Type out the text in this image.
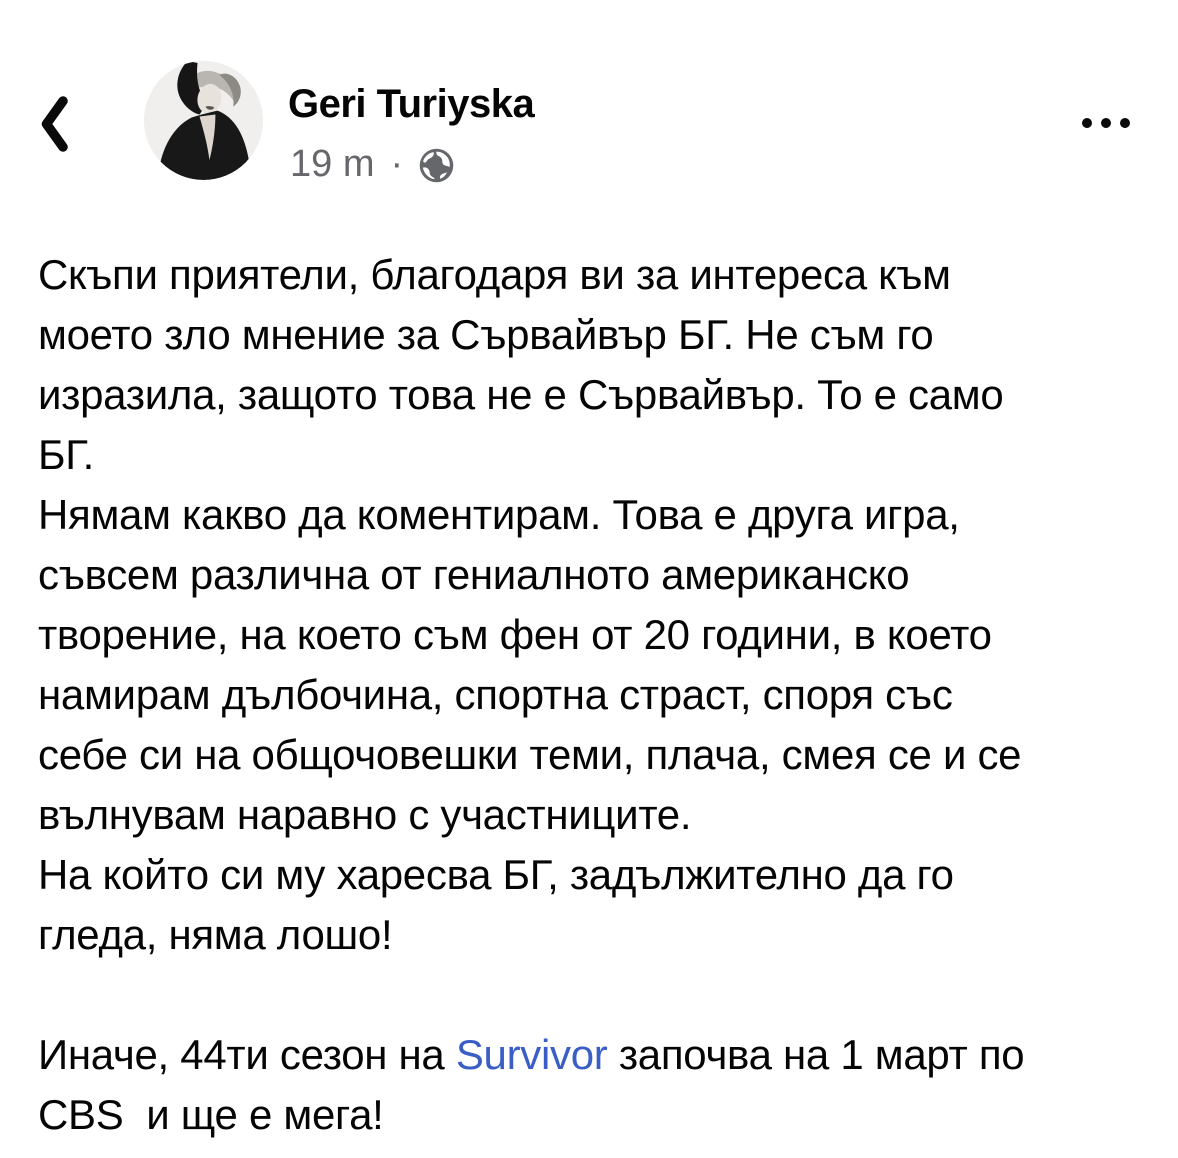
Geri Turiyska
19 m ·
Скъпи приятели, благодаря ви за интереса към
моето зло мнение за Сървайвър БГ. Не съм го
изразила, защото това не е Сървайвър. То е само
БГ.
Нямам какво да коментирам. Това е друга игра,
съвсем различна от гениалното американско
творение, на което съм фен от 20 години, в което
намирам дълбочина, спортна страст, споря със
себе си на общочовешки теми, плача, смея се и се
вълнувам наравно с участниците.
На който си му харесва БГ, задължително да го
гледа, няма лошо!
Иначе, 44ти сезон на Survivor започва на 1 март по
CBS  и ще е мега!
